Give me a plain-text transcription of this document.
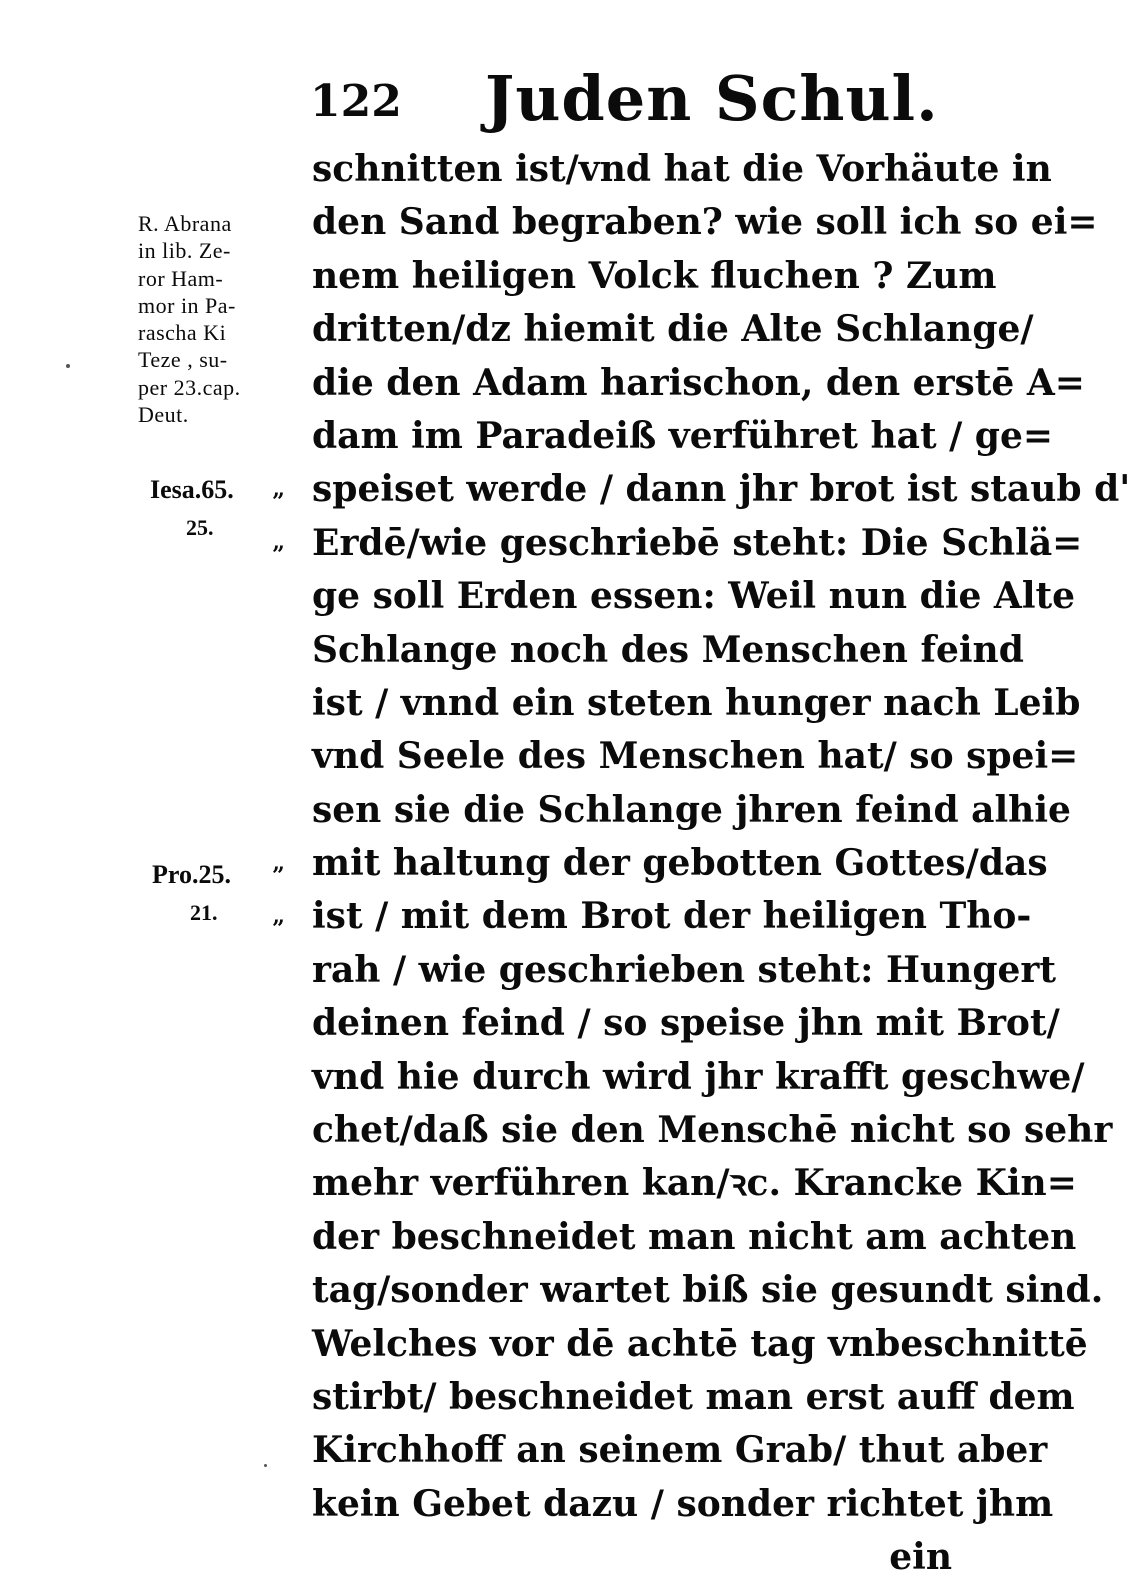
122 Juden Schul.
schnitten ist/vnd hat die Vorhäute in
den Sand begraben? wie soll ich so ei=
nem heiligen Volck fluchen ? Zum
dritten/dz hiemit die Alte Schlange/
die den Adam harischon, den erstē A=
dam im Paradeiß verführet hat / ge=
speiset werde / dann jhr brot ist staub d'
Erdē/wie geschriebē steht: Die Schlä=
ge soll Erden essen: Weil nun die Alte
Schlange noch des Menschen feind
ist / vnnd ein steten hunger nach Leib
vnd Seele des Menschen hat/ so spei=
sen sie die Schlange jhren feind alhie
mit haltung der gebotten Gottes/das
ist / mit dem Brot der heiligen Tho-
rah / wie geschrieben steht: Hungert
deinen feind / so speise jhn mit Brot/
vnd hie durch wird jhr krafft geschwe/
chet/daß sie den Menschē nicht so sehr
mehr verführen kan/ꝛc. Krancke Kin=
der beschneidet man nicht am achten
tag/sonder wartet biß sie gesundt sind.
Welches vor dē achtē tag vnbeschnittē
stirbt/ beschneidet man erst auff dem
Kirchhoff an seinem Grab/ thut aber
kein Gebet dazu / sonder richtet jhm
ein
R. Abrana
in lib. Ze-
ror Ham-
mor in Pa-
rascha Ki
Teze , su-
per 23.cap.
Deut.
Iesa.65.
25.
Pro.25.
21.
”
”
”
”
